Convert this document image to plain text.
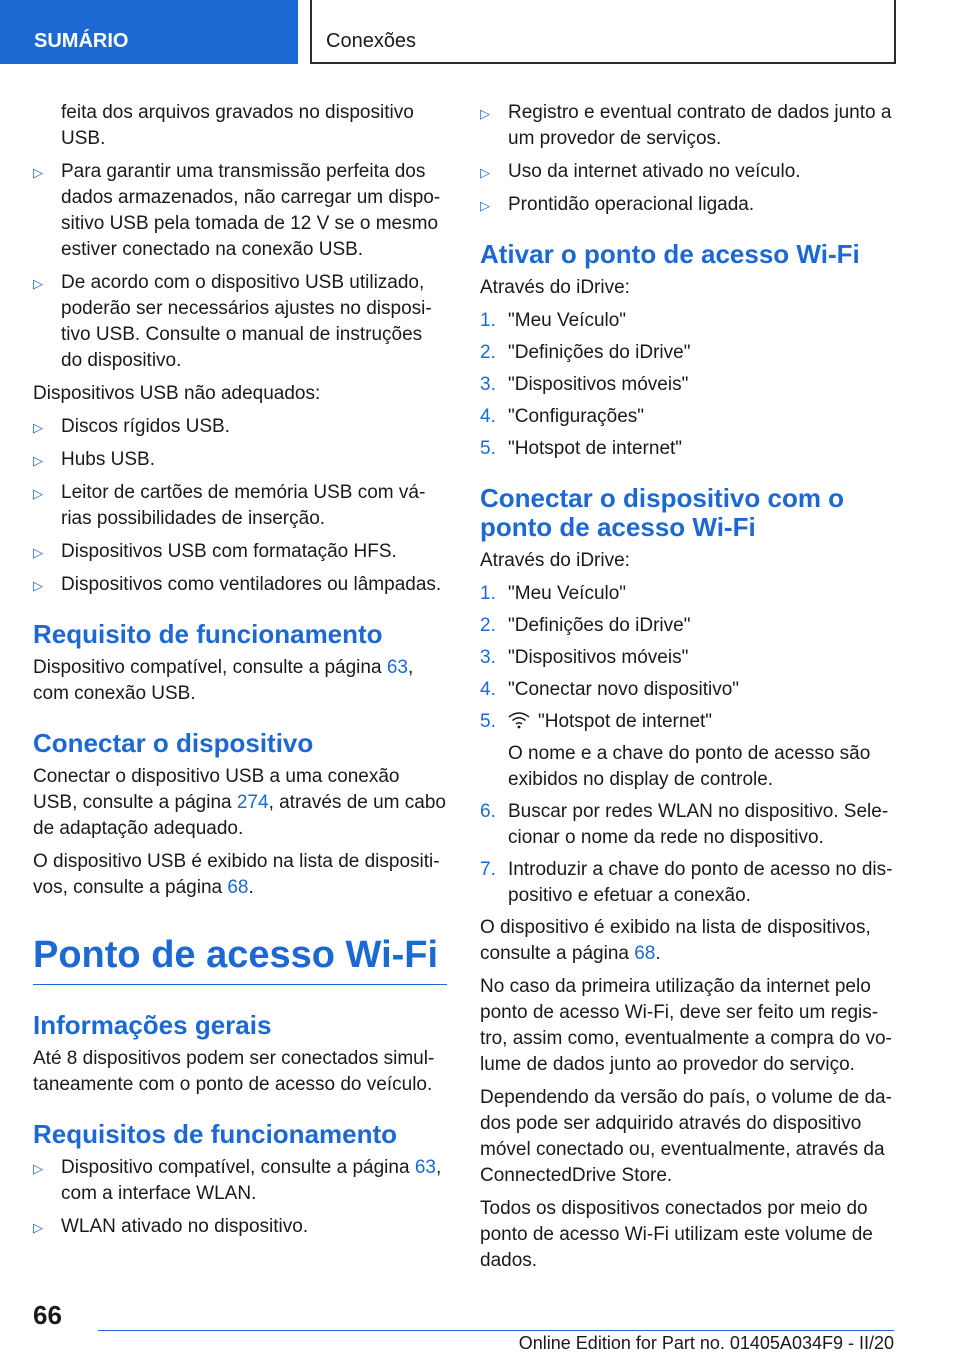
SUMÁRIO	Conexões

feita dos arquivos gravados no dispositivo USB.

▷ Para garantir uma transmissão perfeita dos dados armazenados, não carregar um dispo-sitivo USB pela tomada de 12 V se o mesmo estiver conectado na conexão USB.
▷ De acordo com o dispositivo USB utilizado, poderão ser necessários ajustes no disposi-tivo USB. Consulte o manual de instruções do dispositivo.

Dispositivos USB não adequados:

▷ Discos rígidos USB.
▷ Hubs USB.
▷ Leitor de cartões de memória USB com vá-rias possibilidades de inserção.
▷ Dispositivos USB com formatação HFS.
▷ Dispositivos como ventiladores ou lâmpadas.
Requisito de funcionamento

Dispositivo compatível, consulte a página 63, com conexão USB.

Conectar o dispositivo

Conectar o dispositivo USB a uma conexão USB, consulte a página 274, através de um cabo de adaptação adequado.

O dispositivo USB é exibido na lista de dispositi-vos, consulte a página 68.

Ponto de acesso Wi-Fi
Informações gerais

Até 8 dispositivos podem ser conectados simul-taneamente com o ponto de acesso do veículo.

Requisitos de funcionamento
▷ Dispositivo compatível, consulte a página 63, com a interface WLAN.
▷ WLAN ativado no dispositivo.
▷ Registro e eventual contrato de dados junto a um provedor de serviços.
▷ Uso da internet ativado no veículo.
▷ Prontidão operacional ligada.
Ativar o ponto de acesso Wi-Fi

Através do iDrive:

1. "Meu Veículo"
2. "Definições do iDrive"
3. "Dispositivos móveis"
4. "Configurações"
5. "Hotspot de internet"
Conectar o dispositivo com o ponto de acesso Wi-Fi

Através do iDrive:

1. "Meu Veículo"
2. "Definições do iDrive"
3. "Dispositivos móveis"
4. "Conectar novo dispositivo"
5. "Hotspot de internet"
O nome e a chave do ponto de acesso são exibidos no display de controle.
6. Buscar por redes WLAN no dispositivo. Sele-cionar o nome da rede no dispositivo.
7. Introduzir a chave do ponto de acesso no dis-positivo e efetuar a conexão.

O dispositivo é exibido na lista de dispositivos, consulte a página 68.

No caso da primeira utilização da internet pelo ponto de acesso Wi-Fi, deve ser feito um regis-tro, assim como, eventualmente a compra do vo-lume de dados junto ao provedor do serviço.

Dependendo da versão do país, o volume de da-dos pode ser adquirido através do dispositivo móvel conectado ou, eventualmente, através da ConnectedDrive Store.

Todos os dispositivos conectados por meio do ponto de acesso Wi-Fi utilizam este volume de dados.

66
Online Edition for Part no. 01405A034F9 - II/20
